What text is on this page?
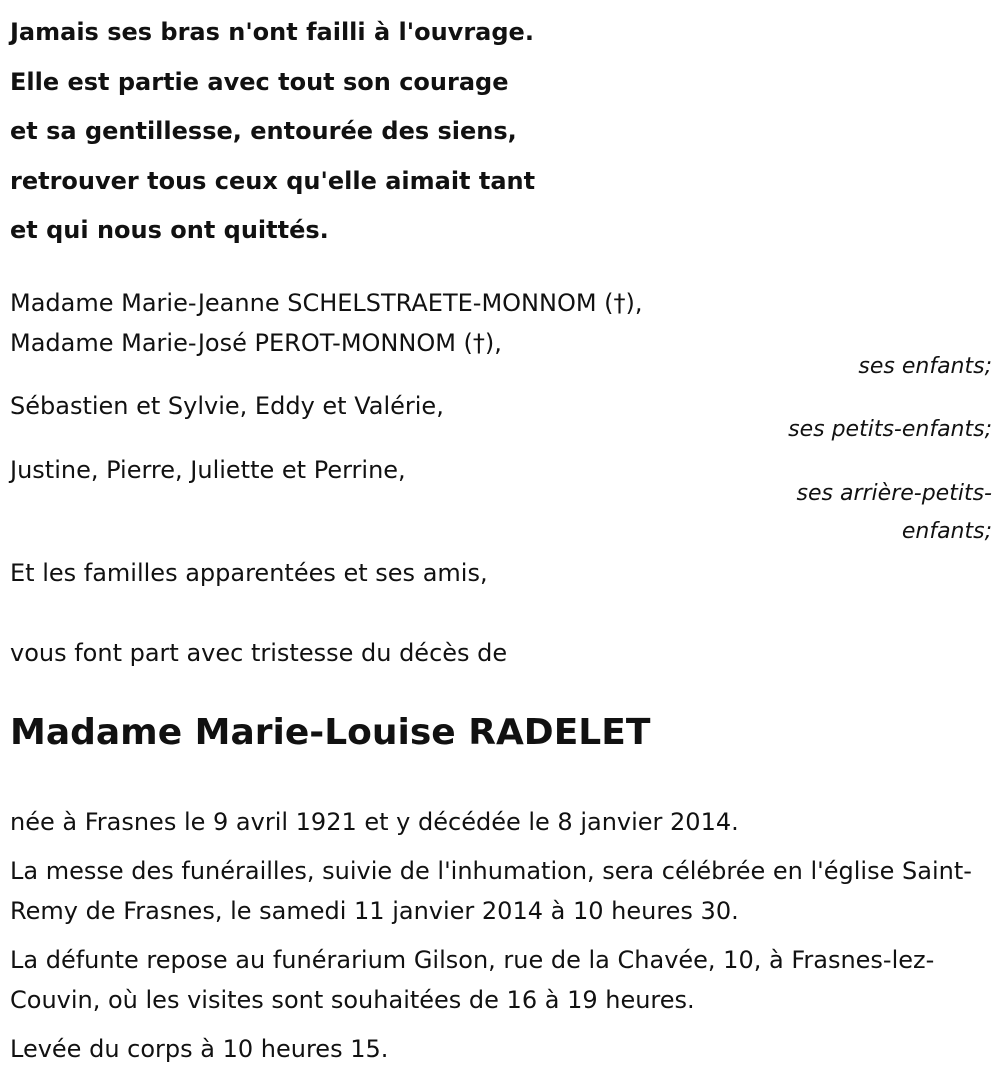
Jamais ses bras n'ont failli à l'ouvrage.
Elle est partie avec tout son courage
et sa gentillesse, entourée des siens,
retrouver tous ceux qu'elle aimait tant
et qui nous ont quittés.
Madame Marie-Jeanne SCHELSTRAETE-MONNOM (†),
Madame Marie-José PEROT-MONNOM (†),
ses enfants;
Sébastien et Sylvie, Eddy et Valérie,
ses petits-enfants;
Justine, Pierre, Juliette et Perrine,
ses arrière-petits-
enfants;
Et les familles apparentées et ses amis,
vous font part avec tristesse du décès de
Madame Marie-Louise RADELET
née à Frasnes le 9 avril 1921 et y décédée le 8 janvier 2014.
La messe des funérailles, suivie de l'inhumation, sera célébrée en l'église Saint-Remy de Frasnes, le samedi 11 janvier 2014 à 10 heures 30.
La défunte repose au funérarium Gilson, rue de la Chavée, 10, à Frasnes-lez-Couvin, où les visites sont souhaitées de 16 à 19 heures.
Levée du corps à 10 heures 15.
